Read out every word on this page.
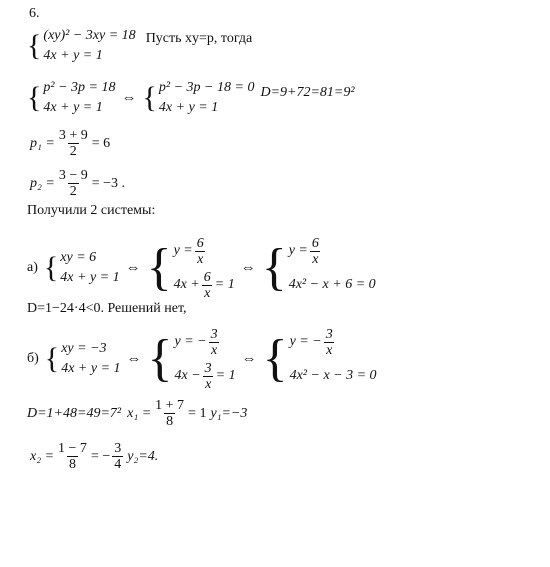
6.
{ (xy)² − 3xy = 18
4x + y = 1
Пусть xy=p, тогда
{ p² − 3p = 18
4x + y = 1
⇔ { p² − 3p − 18 = 0
4x + y = 1
D=9+72=81=9²
$p_1 = \frac{3 + 9}{2} = 6$
$p_2 = \frac{3 - 9}{2} = -3$ .
Получили 2 системы:
а) { xy = 6
4x + y = 1
⇔ { $y = \frac{6}{x}$
$4x + \frac{6}{x} = 1$
⇔ { $y = \frac{6}{x}$
4x² − x + 6 = 0
D=1−24·4<0. Решений нет,
б) { xy = −3
4x + y = 1
⇔ { y = − $\frac{3}{x}$
$4x - \frac{3}{x} = 1$
⇔ { y = − $\frac{3}{x}$
4x² − x − 3 = 0
D=1+48=49=7² $x_1 = \frac{1 + 7}{8} = 1$ y₁=−3
$x_2 = \frac{1 - 7}{8}$ = − $\frac{3}{4} y_2=4$.
